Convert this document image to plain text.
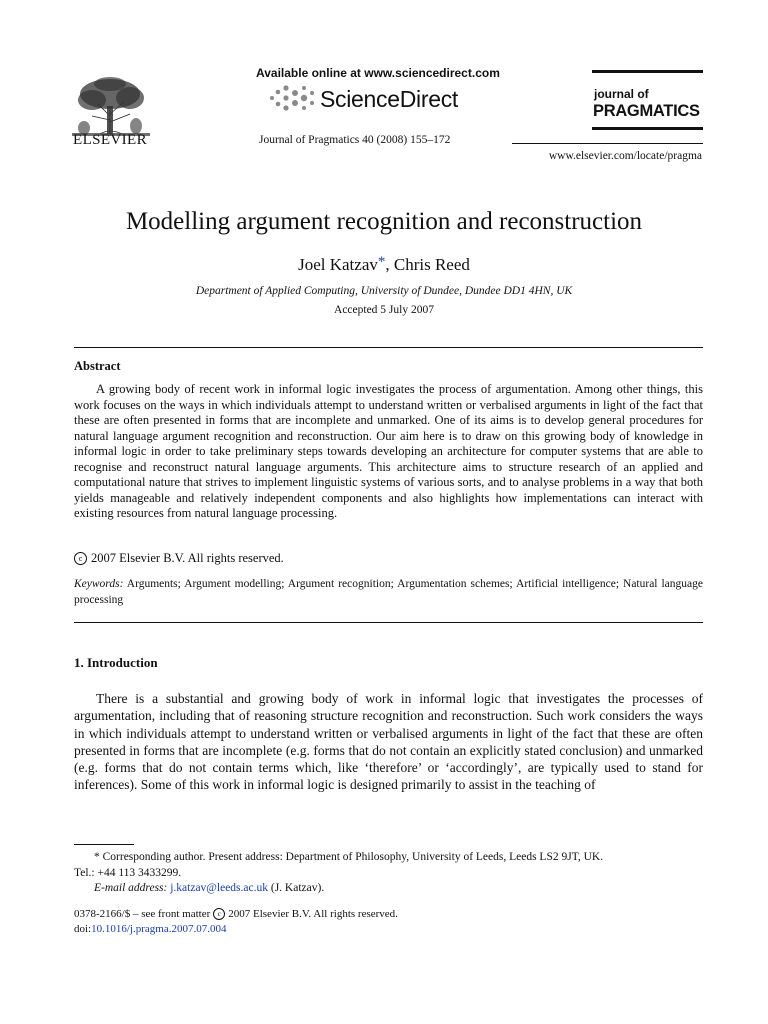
ELSEVIER
Available online at www.sciencedirect.com
ScienceDirect
Journal of Pragmatics 40 (2008) 155–172
journal of
PRAGMATICS
www.elsevier.com/locate/pragma
Modelling argument recognition and reconstruction
Joel Katzav*, Chris Reed
Department of Applied Computing, University of Dundee, Dundee DD1 4HN, UK
Accepted 5 July 2007
Abstract

A growing body of recent work in informal logic investigates the process of argumentation. Among other things, this work focuses on the ways in which individuals attempt to understand written or verbalised arguments in light of the fact that these are often presented in forms that are incomplete and unmarked. One of its aims is to develop general procedures for natural language argument recognition and reconstruction. Our aim here is to draw on this growing body of knowledge in informal logic in order to take preliminary steps towards developing an architecture for computer systems that are able to recognise and reconstruct natural language arguments. This architecture aims to structure research of an applied and computational nature that strives to implement linguistic systems of various sorts, and to analyse problems in a way that both yields manageable and relatively independent components and also highlights how implementations can interact with existing resources from natural language processing.

c 2007 Elsevier B.V. All rights reserved.
Keywords: Arguments; Argument modelling; Argument recognition; Argumentation schemes; Artificial intelligence; Natural language processing
1. Introduction

There is a substantial and growing body of work in informal logic that investigates the processes of argumentation, including that of reasoning structure recognition and reconstruction. Such work considers the ways in which individuals attempt to understand written or verbalised arguments in light of the fact that these are often presented in forms that are incomplete (e.g. forms that do not contain an explicitly stated conclusion) and unmarked (e.g. forms that do not contain terms which, like ‘therefore’ or ‘accordingly’, are typically used to stand for inferences). Some of this work in informal logic is designed primarily to assist in the teaching of

* Corresponding author. Present address: Department of Philosophy, University of Leeds, Leeds LS2 9JT, UK.
Tel.: +44 113 3433299.
E-mail address: j.katzav@leeds.ac.uk (J. Katzav).
0378-2166/$ – see front matter c 2007 Elsevier B.V. All rights reserved.
doi:10.1016/j.pragma.2007.07.004
